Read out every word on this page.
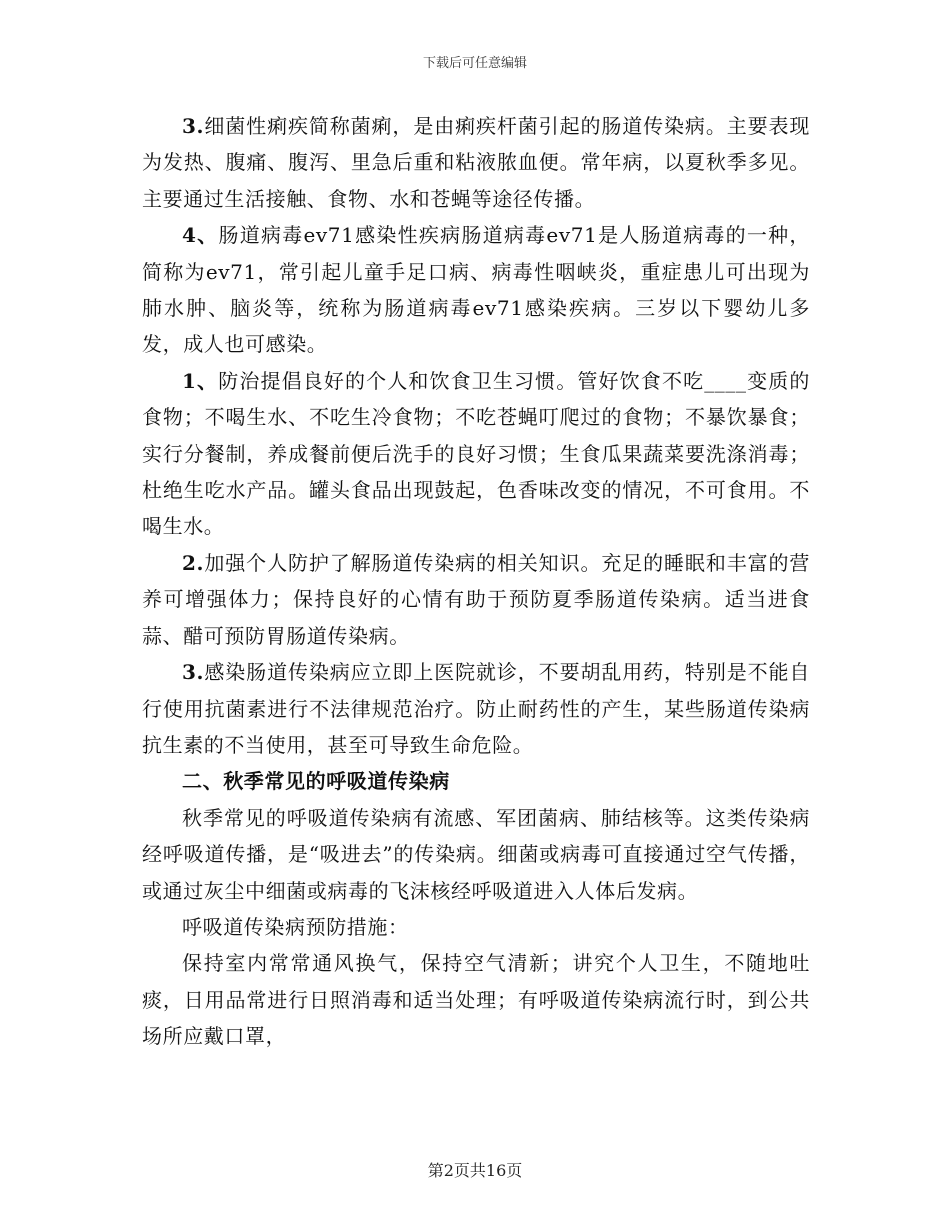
下载后可任意编辑

3.细菌性痢疾简称菌痢，是由痢疾杆菌引起的肠道传染病。主要表现为发热、腹痛、腹泻、里急后重和粘液脓血便。常年病，以夏秋季多见。主要通过生活接触、食物、水和苍蝇等途径传播。

4、肠道病毒ev71感染性疾病肠道病毒ev71是人肠道病毒的一种，简称为ev71，常引起儿童手足口病、病毒性咽峡炎，重症患儿可出现为肺水肿、脑炎等，统称为肠道病毒ev71感染疾病。三岁以下婴幼儿多发，成人也可感染。

1、防治提倡良好的个人和饮食卫生习惯。管好饮食不吃____变质的食物；不喝生水、不吃生冷食物；不吃苍蝇叮爬过的食物；不暴饮暴食；实行分餐制，养成餐前便后洗手的良好习惯；生食瓜果蔬菜要洗涤消毒；杜绝生吃水产品。罐头食品出现鼓起，色香味改变的情况，不可食用。不喝生水。

2.加强个人防护了解肠道传染病的相关知识。充足的睡眠和丰富的营养可增强体力；保持良好的心情有助于预防夏季肠道传染病。适当进食蒜、醋可预防胃肠道传染病。

3.感染肠道传染病应立即上医院就诊，不要胡乱用药，特别是不能自行使用抗菌素进行不法律规范治疗。防止耐药性的产生，某些肠道传染病抗生素的不当使用，甚至可导致生命危险。

二、秋季常见的呼吸道传染病

秋季常见的呼吸道传染病有流感、军团菌病、肺结核等。这类传染病经呼吸道传播，是“吸进去”的传染病。细菌或病毒可直接通过空气传播，或通过灰尘中细菌或病毒的飞沫核经呼吸道进入人体后发病。

呼吸道传染病预防措施：

保持室内常常通风换气，保持空气清新；讲究个人卫生，不随地吐痰，日用品常进行日照消毒和适当处理；有呼吸道传染病流行时，到公共场所应戴口罩，

第2页共16页
